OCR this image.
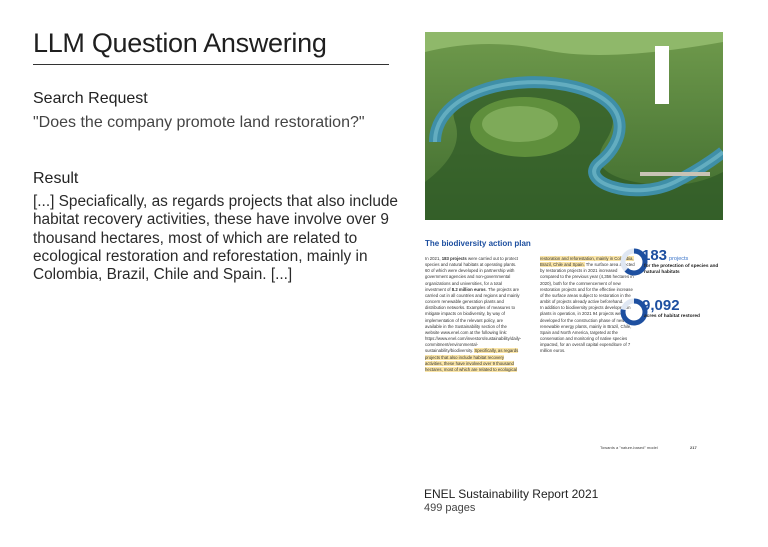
LLM Question Answering
Search Request
"Does the company promote land restoration?"
Result
[...] Speciafically, as regards projects that also include habitat recovery activities, these have involve over 9 thousand hectares, most of which are related to ecological restoration and reforestation, mainly in Colombia, Brazil, Chile and Spain. [...]
The biodiversity action plan

In 2021, 183 projects were carried out to protect species and natural habitats at operating plants. 60 of which were developed in partnership with government agencies and non-governmental organizations and universities, for a total investment of 8.2 million euros. The projects are carried out in all countries and regions and mainly concern renewable generation plants and distribution networks. Examples of measures to mitigate impacts on biodiversity, by way of implementation of the relevant policy, are available in the Sustainability section of the website www.enel.com at the following link: https://www.enel.com/investors/sustainability/daily-commitment/environmental-sustainability/biodiversity. Specifically, as regards projects that also include habitat recovery activities, these have involved over 9 thousand hectares, most of which are related to ecological

restoration and reforestation, mainly in Colombia, Brazil, Chile and Spain. The surface area affected by restoration projects in 2021 increased compared to the previous year (4,356 hectares in 2020), both for the commencement of new restoration projects and for the effective increase of the surface areas subject to restoration in the ambit of projects already active beforehand.

In addition to biodiversity projects developed on plants in operation, in 2021 94 projects were developed for the construction phase of new renewable energy plants, mainly in Brazil, Chile, Spain and North America, targeted at the conservation and monitoring of native species impacted, for an overall capital expenditure of 7 million euros.

183 projects
for the protection of species and natural habitats
9,092
acres of habitat restored
Towards a "nature-based" model	217
ENEL Sustainability Report 2021
499 pages
